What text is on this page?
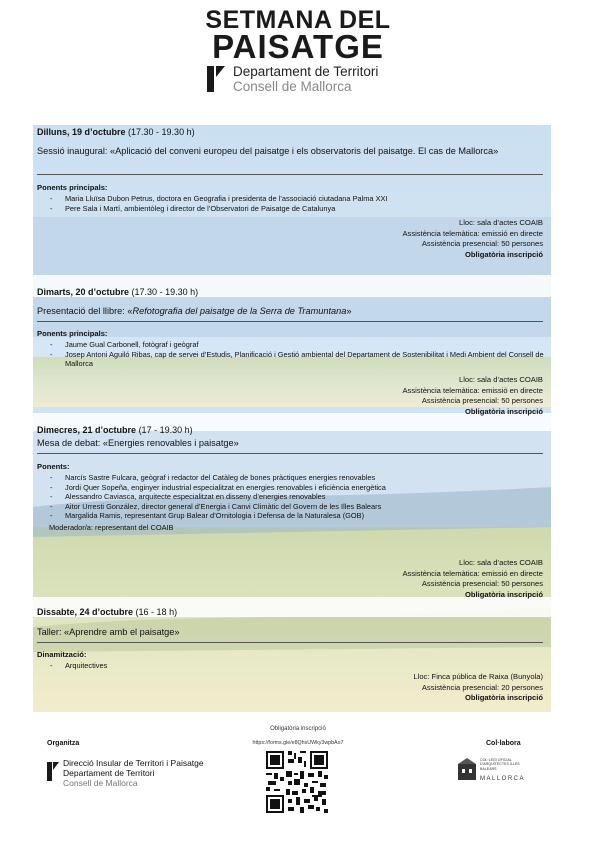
SETMANA DEL
PAISATGE
Departament de Territori
Consell de Mallorca
Dilluns, 19 d’octubre (17.30 - 19.30 h)
Sessió inaugural: «Aplicació del conveni europeu del paisatge i els observatoris del paisatge. El cas de Mallorca»
Ponents principals:
- Maria Lluïsa Dubon Petrus, doctora en Geografia i presidenta de l’associació ciutadana Palma XXI
- Pere Sala i Martí, ambientòleg i director de l’Observatori de Paisatge de Catalunya
Lloc: sala d’actes COAIB
Assistència telemàtica: emissió en directe
Assistència presencial: 50 persones
Obligatòria inscripció
Dimarts, 20 d’octubre (17.30 - 19.30 h)
Presentació del llibre: «Refotografia del paisatge de la Serra de Tramuntana»
Ponents principals:
- Jaume Gual Carbonell, fotògraf i geògraf
- Josep Antoni Aguiló Ribas, cap de servei d’Estudis, Planificació i Gestió ambiental del Departament de Sostenibilitat i Medi Ambient del Consell de Mallorca
Lloc: sala d’actes COAIB
Assistència telemàtica: emissió en directe
Assistència presencial: 50 persones
Obligatòria inscripció
Dimecres, 21 d’octubre (17 - 19.30 h)
Mesa de debat: «Energies renovables i paisatge»
Ponents:
- Narcís Sastre Fulcara, geògraf i redactor del Catàleg de bones pràctiques energies renovables
- Jordi Quer Sopeña, enginyer industrial especialitzat en energies renovables i eficiència energètica
- Alessandro Caviasca, arquitecte especialitzat en disseny d’energies renovables
- Aitor Urresti González, director general d’Energia i Canvi Climàtic del Govern de les Illes Balears
- Margalida Ramis, representant Grup Balear d’Ornitologia i Defensa de la Naturalesa (GOB)
Moderador/a: representant del COAIB
Lloc: sala d’actes COAIB
Assistència telemàtica: emissió en directe
Assistència presencial: 50 persones
Obligatòria inscripció
Dissabte, 24 d’octubre (16 - 18 h)
Taller: «Aprendre amb el paisatge»
Dinamització:
- Arquitectives
Lloc: Finca pública de Raixa (Bunyola)
Assistència presencial: 20 persones
Obligatòria inscripció
Organitza
Direcció Insular de Territori i Paisatge
Departament de Territori
Consell de Mallorca
Obligatòria inscripció
https://forms.gle/e8QhxUWky3wpbAo7	Col·labora
COL·LEGI OFICIAL D'ARQUITECTES ILLES BALEARS
MALLORCA
